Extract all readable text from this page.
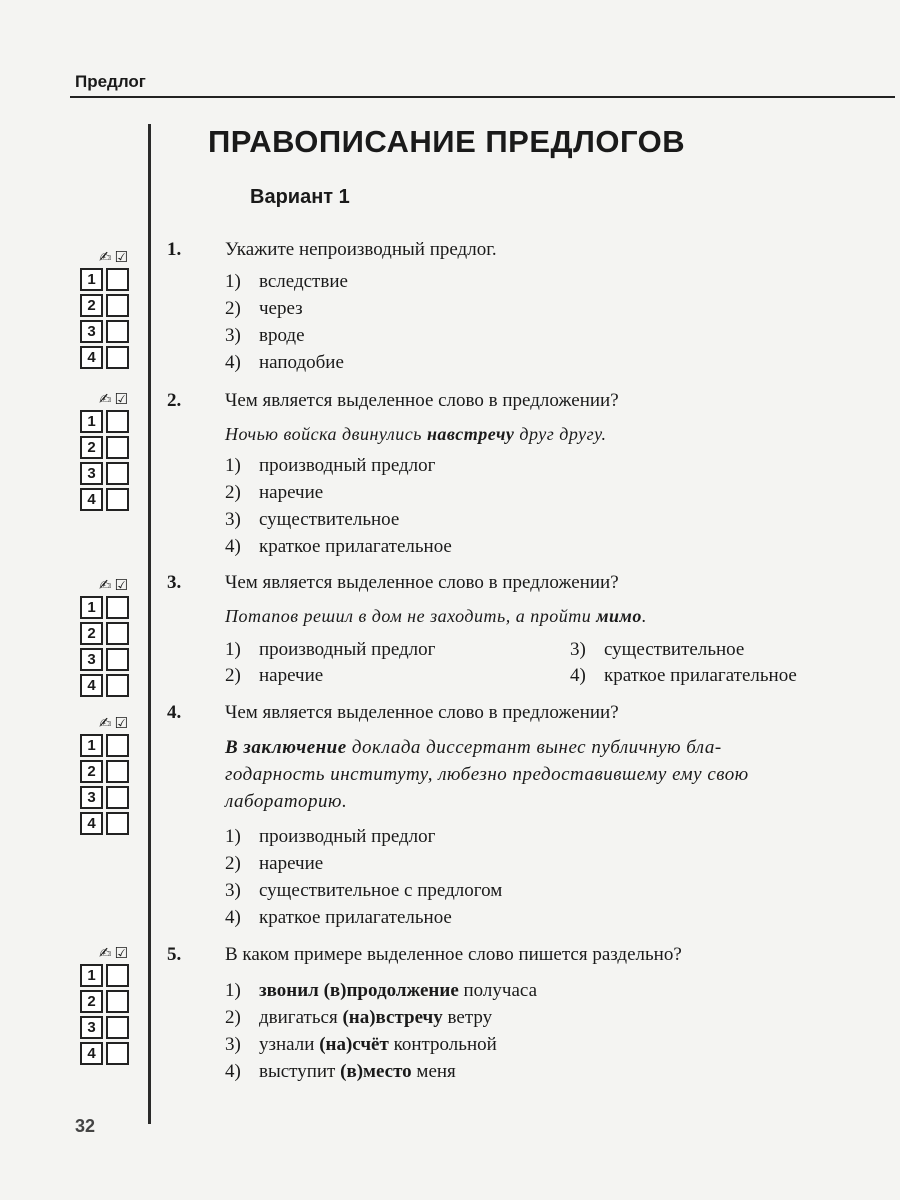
Предлог
ПРАВОПИСАНИЕ ПРЕДЛОГОВ
Вариант 1
✍ ☑
1
2
3
4
1. Укажите непроизводный предлог.
1) вследствие
2) через
3) вроде
4) наподобие
✍ ☑
1
2
3
4
2. Чем является выделенное слово в предложении?
Ночью войска двинулись навстречу друг другу.
1) производный предлог
2) наречие
3) существительное
4) краткое прилагательное
✍ ☑
1
2
3
4
3. Чем является выделенное слово в предложении?
Потапов решил в дом не заходить, а пройти мимо.
1) производный предлог
2) наречие
3) существительное
4) краткое прилагательное
✍ ☑
1
2
3
4
4. Чем является выделенное слово в предложении?
В заключение доклада диссертант вынес публичную бла-
годарность институту, любезно предоставившему ему свою
лабораторию.
1) производный предлог
2) наречие
3) существительное с предлогом
4) краткое прилагательное
✍ ☑
1
2
3
4
5. В каком примере выделенное слово пишется раздельно?
1) звонил (в)продолжение получаса
2) двигаться (на)встречу ветру
3) узнали (на)счёт контрольной
4) выступит (в)место меня
32
